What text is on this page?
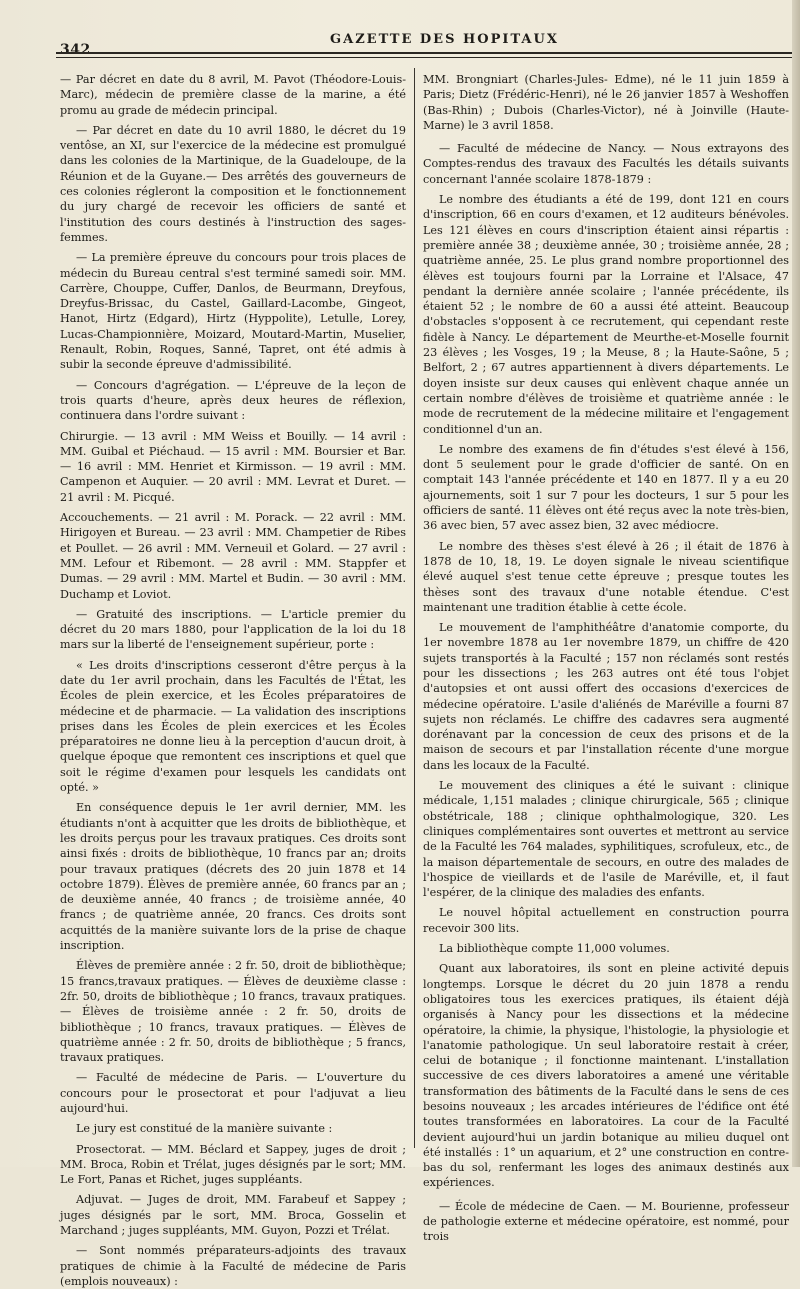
342
GAZETTE DES HOPITAUX

— Par décret en date du 8 avril, M. Pavot (Théodore-Louis-Marc), médecin de première classe de la marine, a été promu au grade de médecin principal.

— Par décret en date du 10 avril 1880, le décret du 19 ventôse, an XI, sur l'exercice de la médecine est promulgué dans les colonies de la Martinique, de la Guadeloupe, de la Réunion et de la Guyane.— Des arrêtés des gouverneurs de ces colonies régleront la composition et le fonctionnement du jury chargé de recevoir les officiers de santé et l'institution des cours destinés à l'instruction des sages-femmes.

— La première épreuve du concours pour trois places de médecin du Bureau central s'est terminé samedi soir. MM. Carrère, Chouppe, Cuffer, Danlos, de Beurmann, Dreyfous, Dreyfus-Brissac, du Castel, Gaillard-Lacombe, Gingeot, Hanot, Hirtz (Edgard), Hirtz (Hyppolite), Letulle, Lorey, Lucas-Championnière, Moizard, Moutard-Martin, Muselier, Renault, Robin, Roques, Sanné, Tapret, ont été admis à subir la seconde épreuve d'admissibilité.

— Concours d'agrégation. — L'épreuve de la leçon de trois quarts d'heure, après deux heures de réflexion, continuera dans l'ordre suivant :

Chirurgie. — 13 avril : MM Weiss et Bouilly. — 14 avril : MM. Guibal et Piéchaud. — 15 avril : MM. Boursier et Bar. — 16 avril : MM. Henriet et Kirmisson. — 19 avril : MM. Campenon et Auquier. — 20 avril : MM. Levrat et Duret. — 21 avril : M. Picqué.

Accouchements. — 21 avril : M. Porack. — 22 avril : MM. Hirigoyen et Bureau. — 23 avril : MM. Champetier de Ribes et Poullet. — 26 avril : MM. Verneuil et Golard. — 27 avril : MM. Lefour et Ribemont. — 28 avril : MM. Stappfer et Dumas. — 29 avril : MM. Martel et Budin. — 30 avril : MM. Duchamp et Loviot.

— Gratuité des inscriptions. — L'article premier du décret du 20 mars 1880, pour l'application de la loi du 18 mars sur la liberté de l'enseignement supérieur, porte :

« Les droits d'inscriptions cesseront d'être perçus à la date du 1er avril prochain, dans les Facultés de l'État, les Écoles de plein exercice, et les Écoles préparatoires de médecine et de pharmacie. — La validation des inscriptions prises dans les Écoles de plein exercices et les Écoles préparatoires ne donne lieu à la perception d'aucun droit, à quelque époque que remontent ces inscriptions et quel que soit le régime d'examen pour lesquels les candidats ont opté. »

En conséquence depuis le 1er avril dernier, MM. les étudiants n'ont à acquitter que les droits de bibliothèque, et les droits perçus pour les travaux pratiques. Ces droits sont ainsi fixés : droits de bibliothèque, 10 francs par an; droits pour travaux pratiques (décrets des 20 juin 1878 et 14 octobre 1879). Élèves de première année, 60 francs par an ; de deuxième année, 40 francs ; de troisième année, 40 francs ; de quatrième année, 20 francs. Ces droits sont acquittés de la manière suivante lors de la prise de chaque inscription.

Élèves de première année : 2 fr. 50, droit de bibliothèque; 15 francs,travaux pratiques. — Élèves de deuxième classe : 2fr. 50, droits de bibliothèque ; 10 francs, travaux pratiques. — Élèves de troisième année : 2 fr. 50, droits de bibliothèque ; 10 francs, travaux pratiques. — Élèves de quatrième année : 2 fr. 50, droits de bibliothèque ; 5 francs, travaux pratiques.

— Faculté de médecine de Paris. — L'ouverture du concours pour le prosectorat et pour l'adjuvat a lieu aujourd'hui.

Le jury est constitué de la manière suivante :

Prosectorat. — MM. Béclard et Sappey, juges de droit ; MM. Broca, Robin et Trélat, juges désignés par le sort; MM. Le Fort, Panas et Richet, juges suppléants.

Adjuvat. — Juges de droit, MM. Farabeuf et Sappey ; juges désignés par le sort, MM. Broca, Gosselin et Marchand ; juges suppléants, MM. Guyon, Pozzi et Trélat.

— Sont nommés préparateurs-adjoints des travaux pratiques de chimie à la Faculté de médecine de Paris (emplois nouveaux) :

MM. Brongniart (Charles-Jules- Edme), né le 11 juin 1859 à Paris; Dietz (Frédéric-Henri), né le 26 janvier 1857 à Weshoffen (Bas-Rhin) ; Dubois (Charles-Victor), né à Joinville (Haute-Marne) le 3 avril 1858.

— Faculté de médecine de Nancy. — Nous extrayons des Comptes-rendus des travaux des Facultés les détails suivants concernant l'année scolaire 1878-1879 :

Le nombre des étudiants a été de 199, dont 121 en cours d'inscription, 66 en cours d'examen, et 12 auditeurs bénévoles. Les 121 élèves en cours d'inscription étaient ainsi répartis : première année 38 ; deuxième année, 30 ; troisième année, 28 ; quatrième année, 25. Le plus grand nombre proportionnel des élèves est toujours fourni par la Lorraine et l'Alsace, 47 pendant la dernière année scolaire ; l'année précédente, ils étaient 52 ; le nombre de 60 a aussi été atteint. Beaucoup d'obstacles s'opposent à ce recrutement, qui cependant reste fidèle à Nancy. Le département de Meurthe-et-Moselle fournit 23 élèves ; les Vosges, 19 ; la Meuse, 8 ; la Haute-Saône, 5 ; Belfort, 2 ; 67 autres appartiennent à divers départements. Le doyen insiste sur deux causes qui enlèvent chaque année un certain nombre d'élèves de troisième et quatrième année : le mode de recrutement de la médecine militaire et l'engagement conditionnel d'un an.

Le nombre des examens de fin d'études s'est élevé à 156, dont 5 seulement pour le grade d'officier de santé. On en comptait 143 l'année précédente et 140 en 1877. Il y a eu 20 ajournements, soit 1 sur 7 pour les docteurs, 1 sur 5 pour les officiers de santé. 11 élèves ont été reçus avec la note très-bien, 36 avec bien, 57 avec assez bien, 32 avec médiocre.

Le nombre des thèses s'est élevé à 26 ; il était de 1876 à 1878 de 10, 18, 19. Le doyen signale le niveau scientifique élevé auquel s'est tenue cette épreuve ; presque toutes les thèses sont des travaux d'une notable étendue. C'est maintenant une tradition établie à cette école.

Le mouvement de l'amphithéâtre d'anatomie comporte, du 1er novembre 1878 au 1er novembre 1879, un chiffre de 420 sujets transportés à la Faculté ; 157 non réclamés sont restés pour les dissections ; les 263 autres ont été tous l'objet d'autopsies et ont aussi offert des occasions d'exercices de médecine opératoire. L'asile d'aliénés de Maréville a fourni 87 sujets non réclamés. Le chiffre des cadavres sera augmenté dorénavant par la concession de ceux des prisons et de la maison de secours et par l'installation récente d'une morgue dans les locaux de la Faculté.

Le mouvement des cliniques a été le suivant : clinique médicale, 1,151 malades ; clinique chirurgicale, 565 ; clinique obstétricale, 188 ; clinique ophthalmologique, 320. Les cliniques complémentaires sont ouvertes et mettront au service de la Faculté les 764 malades, syphilitiques, scrofuleux, etc., de la maison départementale de secours, en outre des malades de l'hospice de vieillards et de l'asile de Maréville, et, il faut l'espérer, de la clinique des maladies des enfants.

Le nouvel hôpital actuellement en construction pourra recevoir 300 lits.

La bibliothèque compte 11,000 volumes.

Quant aux laboratoires, ils sont en pleine activité depuis longtemps. Lorsque le décret du 20 juin 1878 a rendu obligatoires tous les exercices pratiques, ils étaient déjà organisés à Nancy pour les dissections et la médecine opératoire, la chimie, la physique, l'histologie, la physiologie et l'anatomie pathologique. Un seul laboratoire restait à créer, celui de botanique ; il fonctionne maintenant. L'installation successive de ces divers laboratoires a amené une véritable transformation des bâtiments de la Faculté dans le sens de ces besoins nouveaux ; les arcades intérieures de l'édifice ont été toutes transformées en laboratoires. La cour de la Faculté devient aujourd'hui un jardin botanique au milieu duquel ont été installés : 1° un aquarium, et 2° une construction en contre-bas du sol, renfermant les loges des animaux destinés aux expériences.

— École de médecine de Caen. — M. Bourienne, professeur de pathologie externe et médecine opératoire, est nommé, pour trois
